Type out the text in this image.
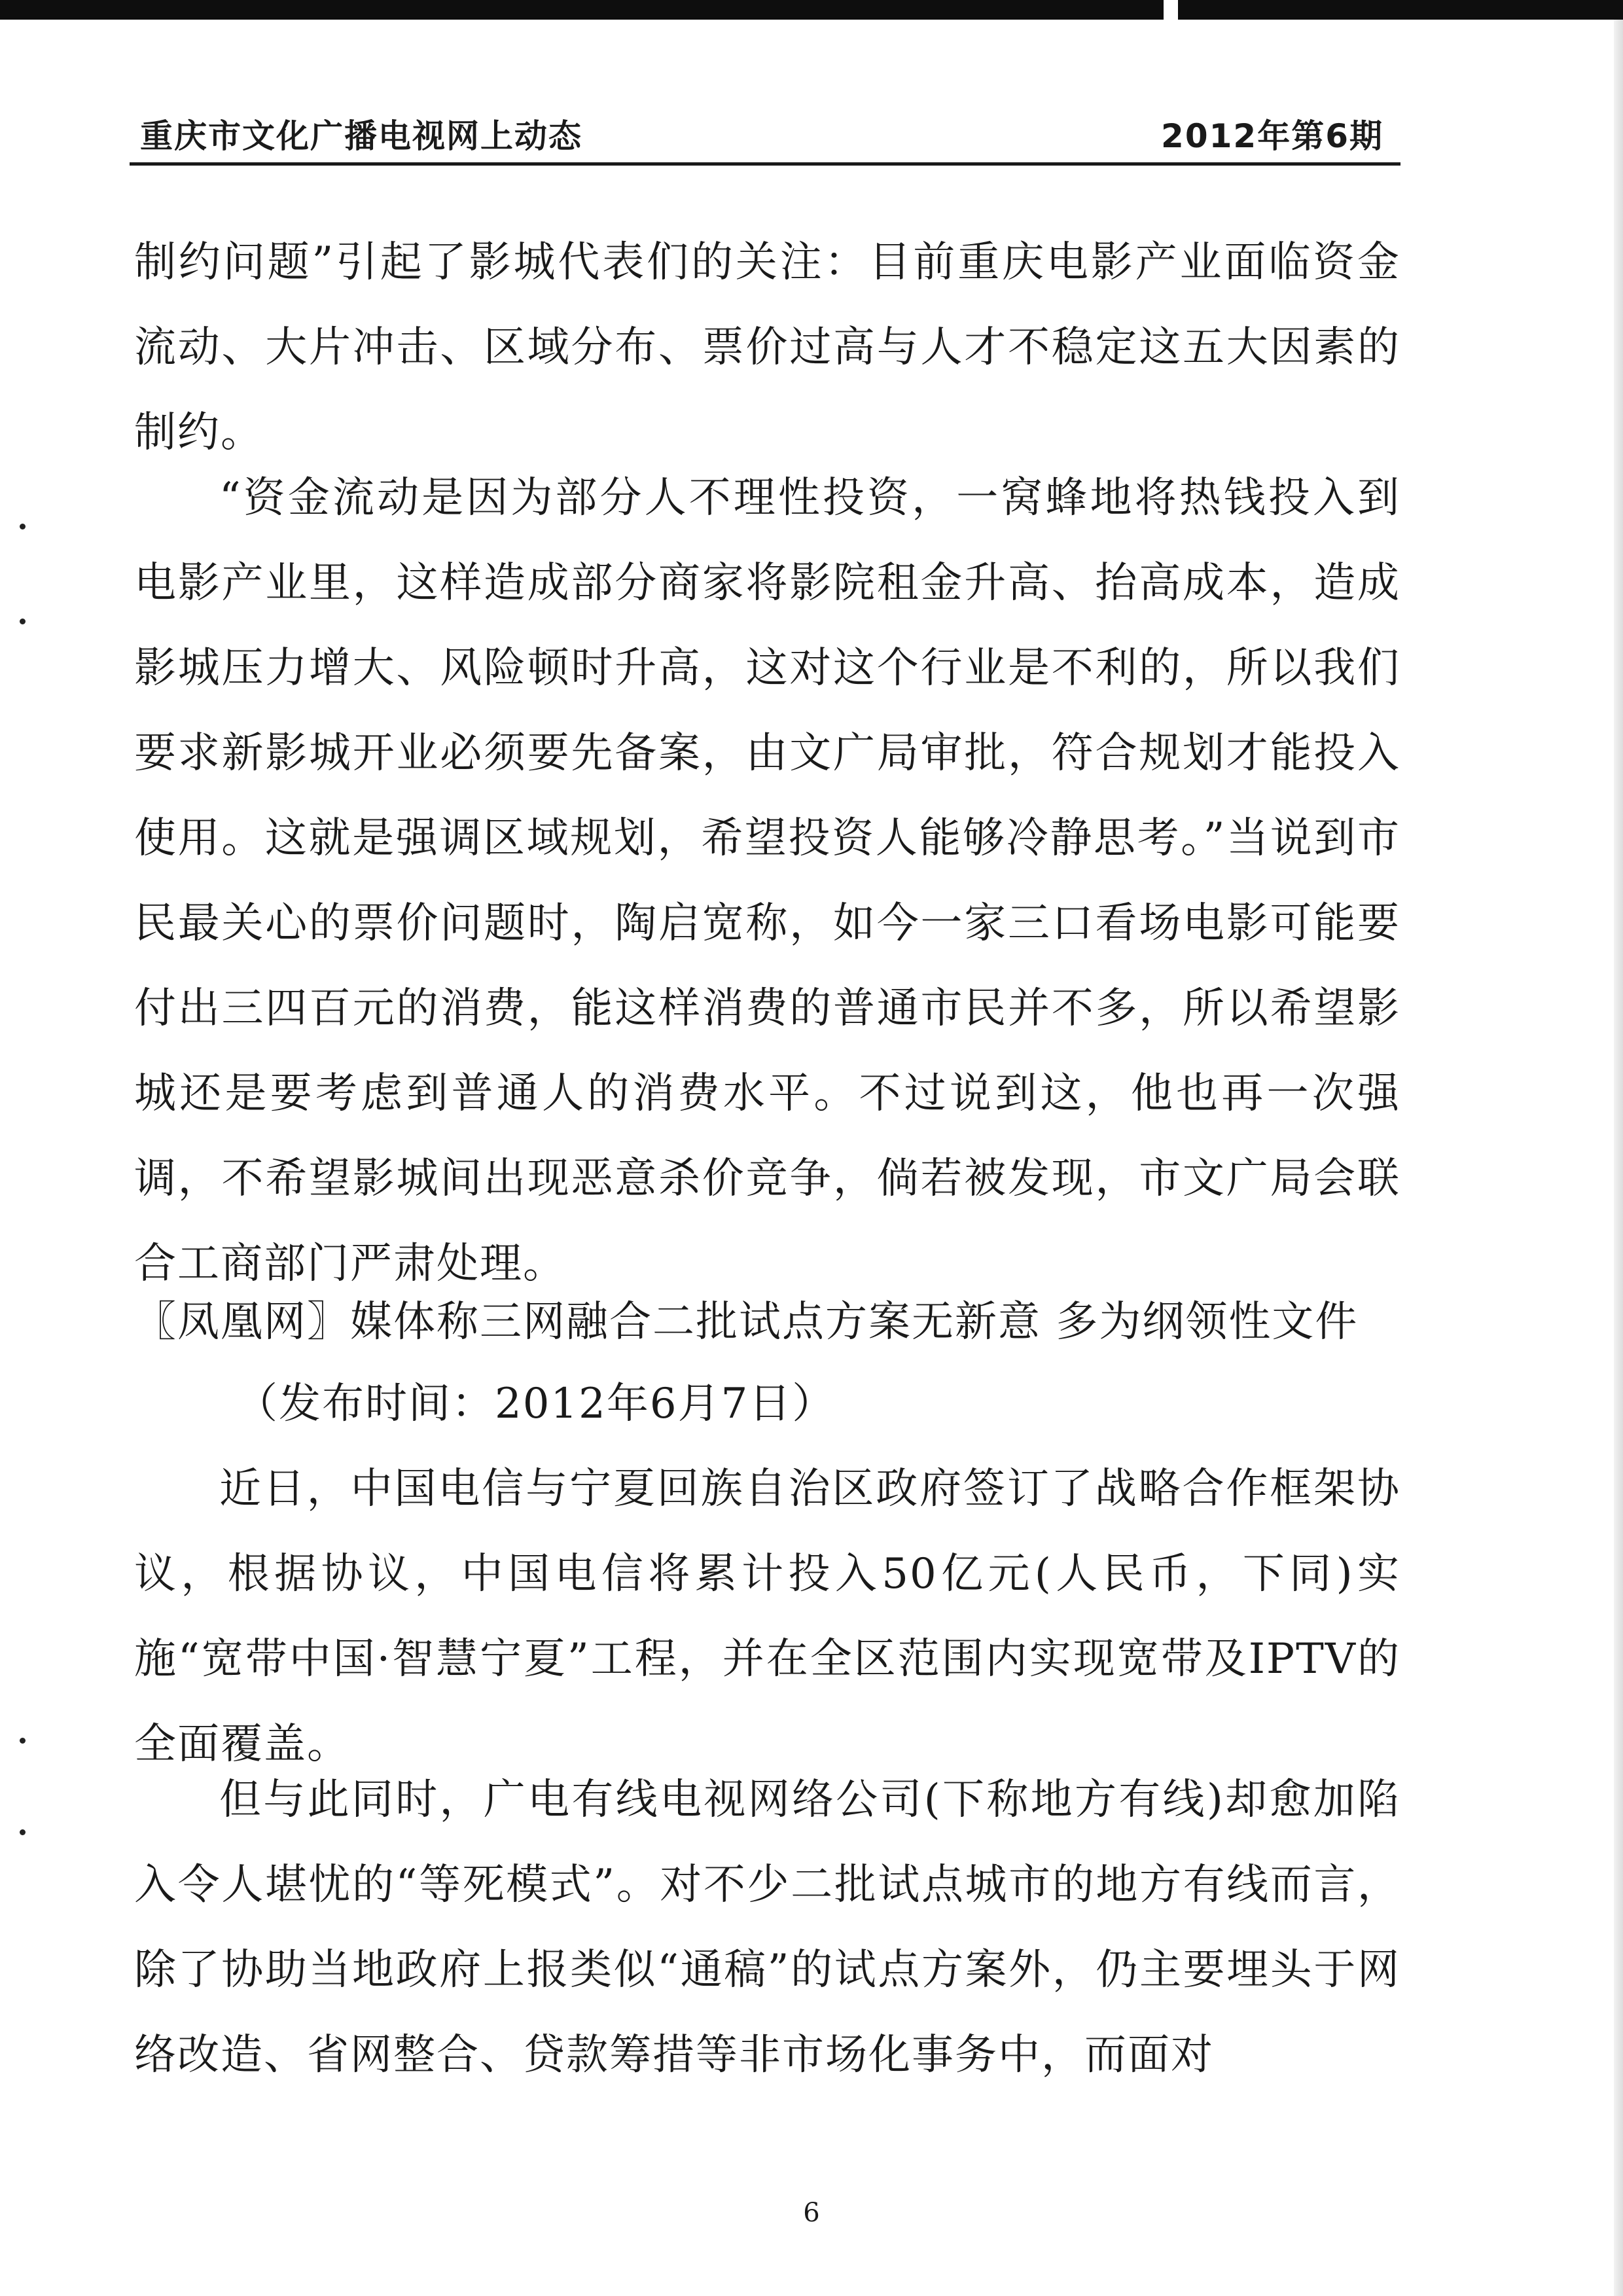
重庆市文化广播电视网上动态	2012年第6期

制约问题”引起了影城代表们的关注：目前重庆电影产业面临资金流动、大片冲击、区域分布、票价过高与人才不稳定这五大因素的制约。

“资金流动是因为部分人不理性投资，一窝蜂地将热钱投入到电影产业里，这样造成部分商家将影院租金升高、抬高成本，造成影城压力增大、风险顿时升高，这对这个行业是不利的，所以我们要求新影城开业必须要先备案，由文广局审批，符合规划才能投入使用。这就是强调区域规划，希望投资人能够冷静思考。”当说到市民最关心的票价问题时，陶启宽称，如今一家三口看场电影可能要付出三四百元的消费，能这样消费的普通市民并不多，所以希望影城还是要考虑到普通人的消费水平。不过说到这，他也再一次强调，不希望影城间出现恶意杀价竞争，倘若被发现，市文广局会联合工商部门严肃处理。

〖凤凰网〗媒体称三网融合二批试点方案无新意 多为纲领性文件

（发布时间：2012年6月7日）

近日，中国电信与宁夏回族自治区政府签订了战略合作框架协议，根据协议，中国电信将累计投入50亿元(人民币，下同)实施“宽带中国·智慧宁夏”工程，并在全区范围内实现宽带及IPTV的全面覆盖。

但与此同时，广电有线电视网络公司(下称地方有线)却愈加陷入令人堪忧的“等死模式”。对不少二批试点城市的地方有线而言，除了协助当地政府上报类似“通稿”的试点方案外，仍主要埋头于网络改造、省网整合、贷款筹措等非市场化事务中，而面对

6
